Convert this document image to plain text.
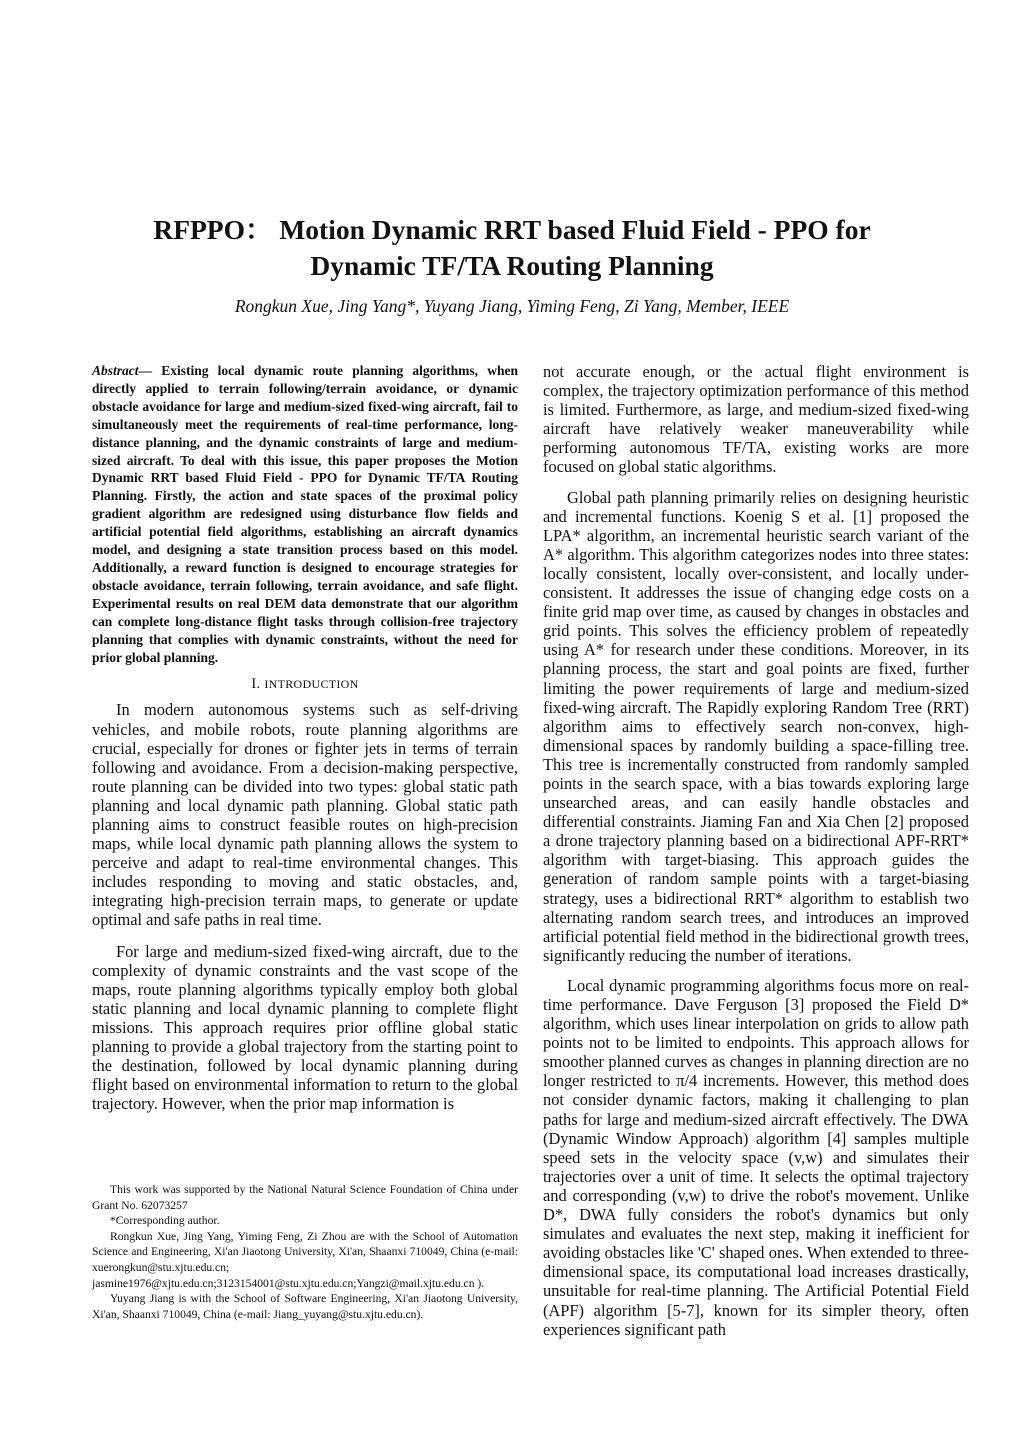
RFPPO： Motion Dynamic RRT based Fluid Field - PPO for
Dynamic TF/TA Routing Planning

Rongkun Xue, Jing Yang*, Yuyang Jiang, Yiming Feng, Zi Yang, Member, IEEE

Abstract— Existing local dynamic route planning algorithms, when directly applied to terrain following/terrain avoidance, or dynamic obstacle avoidance for large and medium-sized fixed-wing aircraft, fail to simultaneously meet the requirements of real-time performance, long-distance planning, and the dynamic constraints of large and medium-sized aircraft. To deal with this issue, this paper proposes the Motion Dynamic RRT based Fluid Field - PPO for Dynamic TF/TA Routing Planning. Firstly, the action and state spaces of the proximal policy gradient algorithm are redesigned using disturbance flow fields and artificial potential field algorithms, establishing an aircraft dynamics model, and designing a state transition process based on this model. Additionally, a reward function is designed to encourage strategies for obstacle avoidance, terrain following, terrain avoidance, and safe flight. Experimental results on real DEM data demonstrate that our algorithm can complete long-distance flight tasks through collision-free trajectory planning that complies with dynamic constraints, without the need for prior global planning.

I. INTRODUCTION

In modern autonomous systems such as self-driving vehicles, and mobile robots, route planning algorithms are crucial, especially for drones or fighter jets in terms of terrain following and avoidance. From a decision-making perspective, route planning can be divided into two types: global static path planning and local dynamic path planning. Global static path planning aims to construct feasible routes on high-precision maps, while local dynamic path planning allows the system to perceive and adapt to real-time environmental changes. This includes responding to moving and static obstacles, and, integrating high-precision terrain maps, to generate or update optimal and safe paths in real time.

For large and medium-sized fixed-wing aircraft, due to the complexity of dynamic constraints and the vast scope of the maps, route planning algorithms typically employ both global static planning and local dynamic planning to complete flight missions. This approach requires prior offline global static planning to provide a global trajectory from the starting point to the destination, followed by local dynamic planning during flight based on environmental information to return to the global trajectory. However, when the prior map information is

not accurate enough, or the actual flight environment is complex, the trajectory optimization performance of this method is limited. Furthermore, as large, and medium-sized fixed-wing aircraft have relatively weaker maneuverability while performing autonomous TF/TA, existing works are more focused on global static algorithms.

Global path planning primarily relies on designing heuristic and incremental functions. Koenig S et al. [1] proposed the LPA* algorithm, an incremental heuristic search variant of the A* algorithm. This algorithm categorizes nodes into three states: locally consistent, locally over-consistent, and locally under-consistent. It addresses the issue of changing edge costs on a finite grid map over time, as caused by changes in obstacles and grid points. This solves the efficiency problem of repeatedly using A* for research under these conditions. Moreover, in its planning process, the start and goal points are fixed, further limiting the power requirements of large and medium-sized fixed-wing aircraft. The Rapidly exploring Random Tree (RRT) algorithm aims to effectively search non-convex, high-dimensional spaces by randomly building a space-filling tree. This tree is incrementally constructed from randomly sampled points in the search space, with a bias towards exploring large unsearched areas, and can easily handle obstacles and differential constraints. Jiaming Fan and Xia Chen [2] proposed a drone trajectory planning based on a bidirectional APF-RRT* algorithm with target-biasing. This approach guides the generation of random sample points with a target-biasing strategy, uses a bidirectional RRT* algorithm to establish two alternating random search trees, and introduces an improved artificial potential field method in the bidirectional growth trees, significantly reducing the number of iterations.

Local dynamic programming algorithms focus more on real-time performance. Dave Ferguson [3] proposed the Field D* algorithm, which uses linear interpolation on grids to allow path points not to be limited to endpoints. This approach allows for smoother planned curves as changes in planning direction are no longer restricted to π/4 increments. However, this method does not consider dynamic factors, making it challenging to plan paths for large and medium-sized aircraft effectively. The DWA (Dynamic Window Approach) algorithm [4] samples multiple speed sets in the velocity space (v,w) and simulates their trajectories over a unit of time. It selects the optimal trajectory and corresponding (v,w) to drive the robot's movement. Unlike D*, DWA fully considers the robot's dynamics but only simulates and evaluates the next step, making it inefficient for avoiding obstacles like 'C' shaped ones. When extended to three-dimensional space, its computational load increases drastically, unsuitable for real-time planning. The Artificial Potential Field (APF) algorithm [5-7], known for its simpler theory, often experiences significant path

This work was supported by the National Natural Science Foundation of China under Grant No. 62073257

*Corresponding author.

Rongkun Xue, Jing Yang, Yiming Feng, Zi Zhou are with the School of Automation Science and Engineering, Xi'an Jiaotong University, Xi'an, Shaanxi 710049, China (e-mail: xuerongkun@stu.xjtu.edu.cn; jasmine1976@xjtu.edu.cn;3123154001@stu.xjtu.edu.cn;Yangzi@mail.xjtu.edu.cn ).

Yuyang Jiang is with the School of Software Engineering, Xi'an Jiaotong University, Xi'an, Shaanxi 710049, China (e-mail: Jiang_yuyang@stu.xjtu.edu.cn).
